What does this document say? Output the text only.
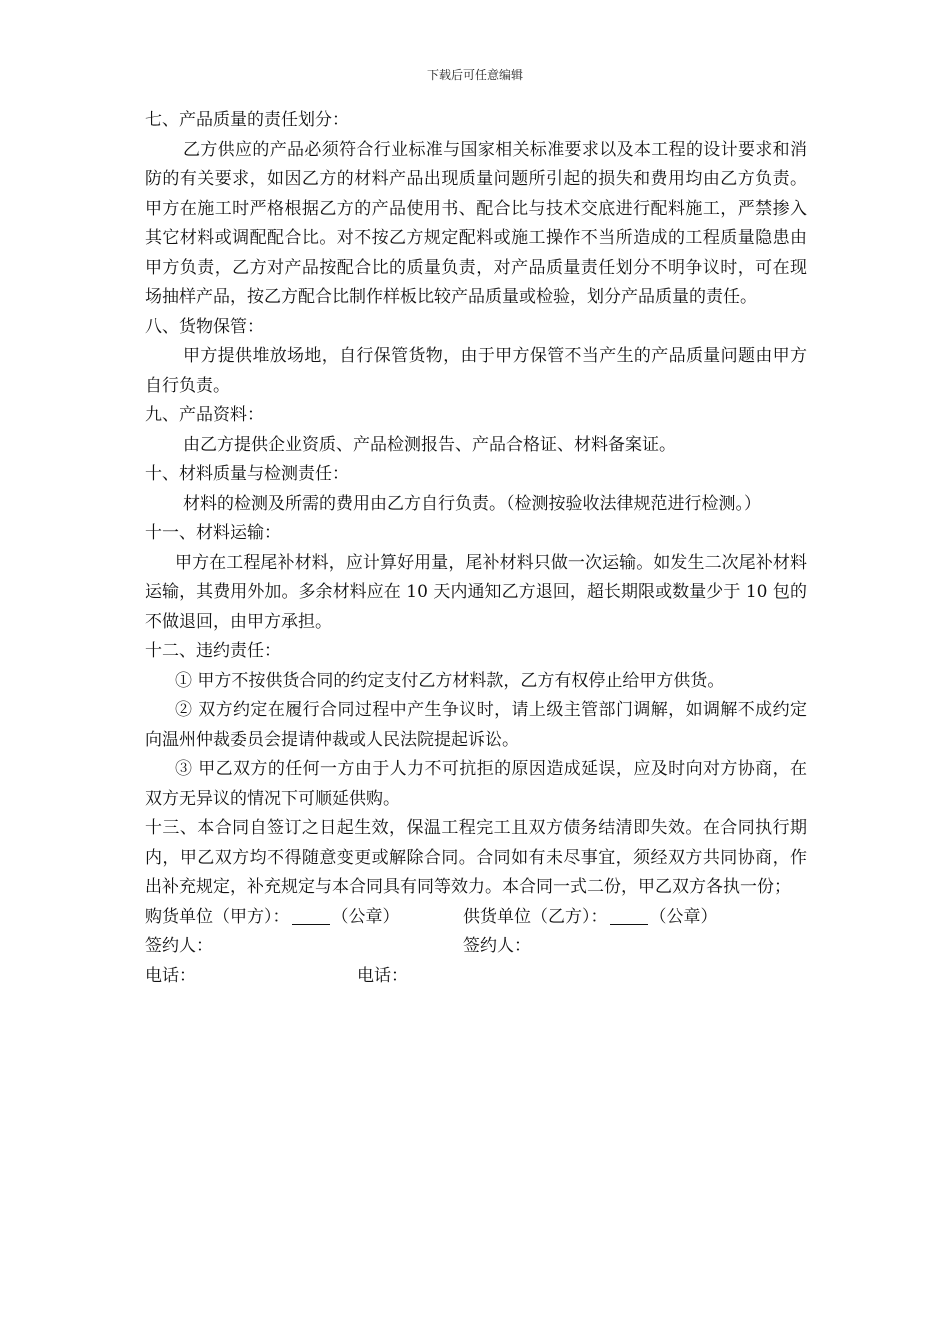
下载后可任意编辑

七、产品质量的责任划分：

乙方供应的产品必须符合行业标准与国家相关标准要求以及本工程的设计要求和消防的有关要求，如因乙方的材料产品出现质量问题所引起的损失和费用均由乙方负责。甲方在施工时严格根据乙方的产品使用书、配合比与技术交底进行配料施工，严禁掺入其它材料或调配配合比。对不按乙方规定配料或施工操作不当所造成的工程质量隐患由甲方负责，乙方对产品按配合比的质量负责，对产品质量责任划分不明争议时，可在现场抽样产品，按乙方配合比制作样板比较产品质量或检验，划分产品质量的责任。

八、货物保管：

甲方提供堆放场地，自行保管货物，由于甲方保管不当产生的产品质量问题由甲方自行负责。

九、产品资料：

由乙方提供企业资质、产品检测报告、产品合格证、材料备案证。

十、材料质量与检测责任：

材料的检测及所需的费用由乙方自行负责。（检测按验收法律规范进行检测。）

十一、材料运输：

甲方在工程尾补材料，应计算好用量，尾补材料只做一次运输。如发生二次尾补材料运输，其费用外加。多余材料应在 10 天内通知乙方退回，超长期限或数量少于 10 包的不做退回，由甲方承担。

十二、违约责任：

① 甲方不按供货合同的约定支付乙方材料款，乙方有权停止给甲方供货。

② 双方约定在履行合同过程中产生争议时，请上级主管部门调解，如调解不成约定向温州仲裁委员会提请仲裁或人民法院提起诉讼。

③ 甲乙双方的任何一方由于人力不可抗拒的原因造成延误，应及时向对方协商，在双方无异议的情况下可顺延供购。

十三、本合同自签订之日起生效，保温工程完工且双方债务结清即失效。在合同执行期内，甲乙双方均不得随意变更或解除合同。合同如有未尽事宜，须经双方共同协商，作出补充规定，补充规定与本合同具有同等效力。本合同一式二份，甲乙双方各执一份；

购货单位（甲方）： （公章）	供货单位（乙方）： （公章）
签约人：	签约人：
电话：	电话：
